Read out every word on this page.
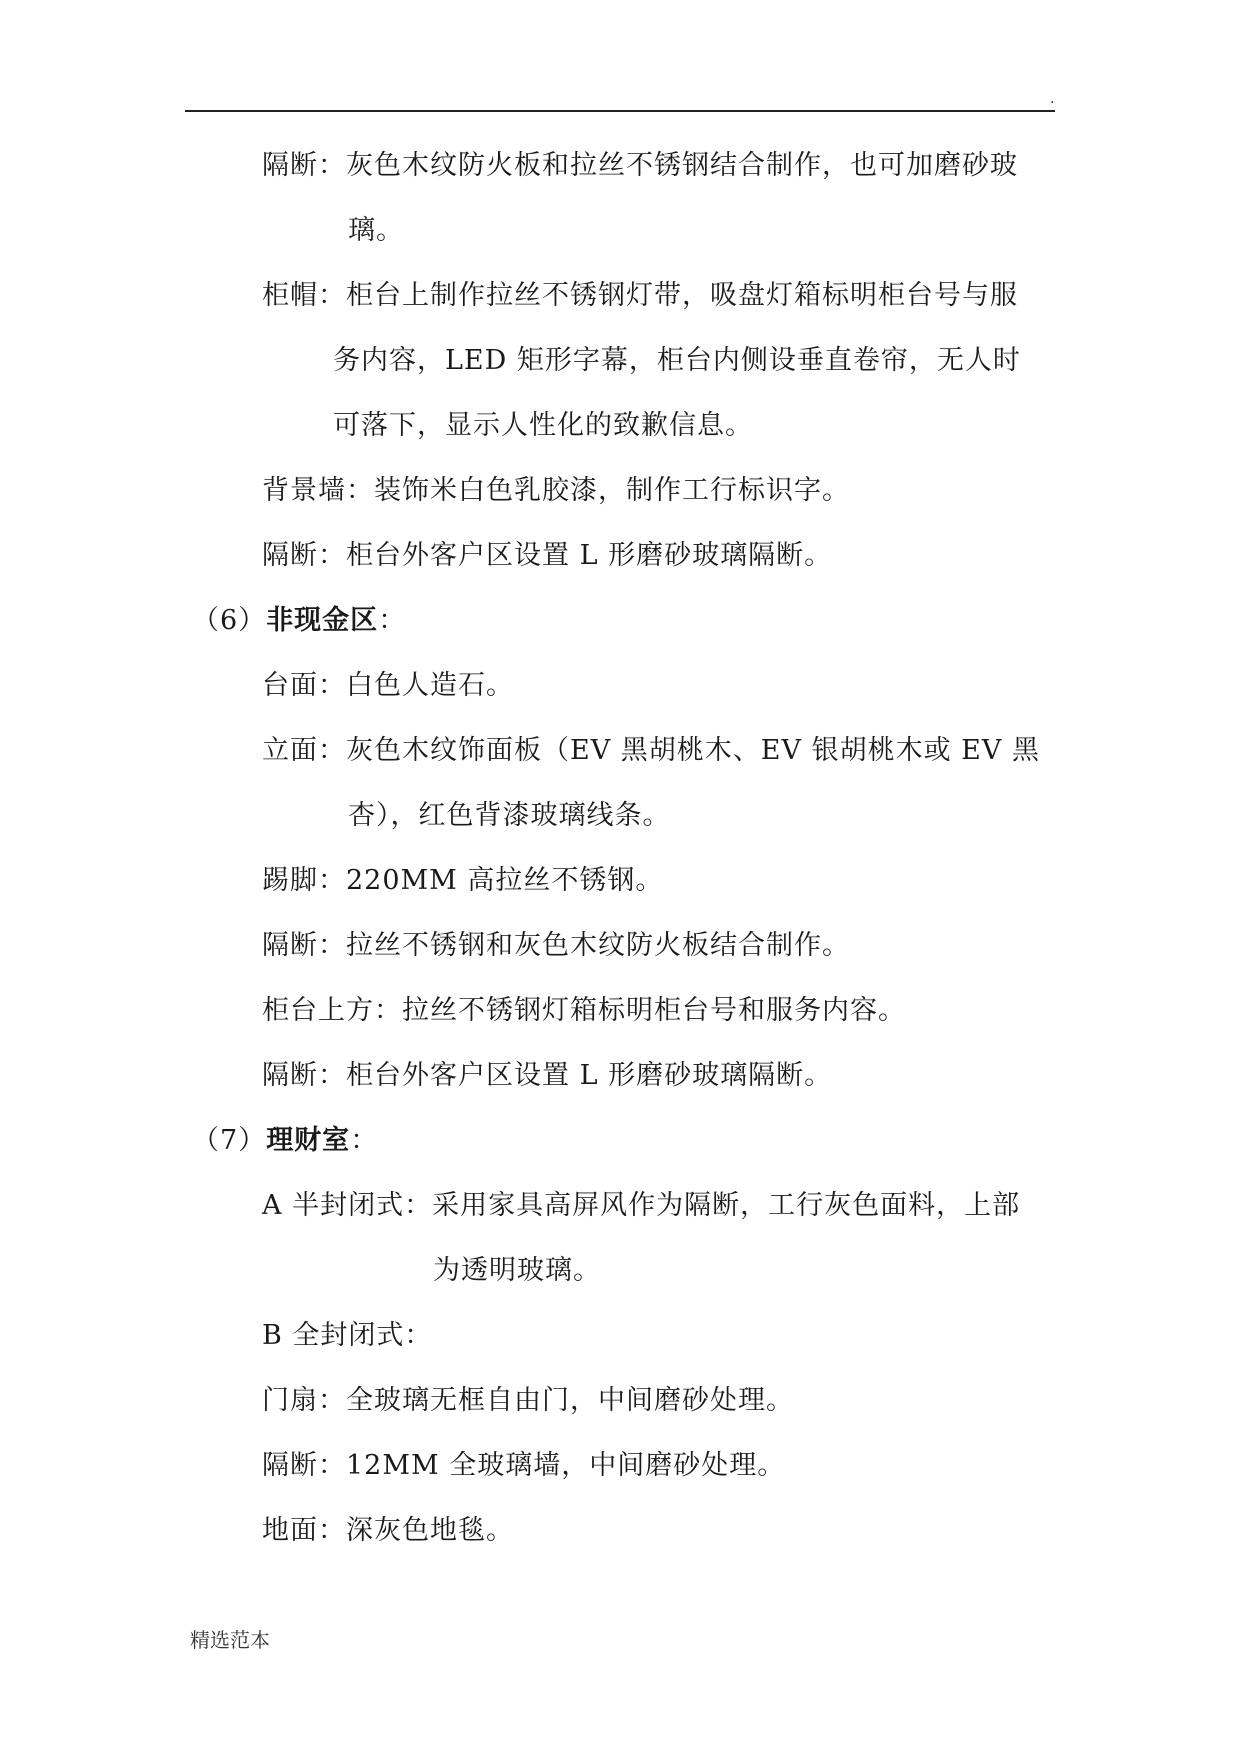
.
隔断：灰色木纹防火板和拉丝不锈钢结合制作，也可加磨砂玻
璃。
柜帽：柜台上制作拉丝不锈钢灯带，吸盘灯箱标明柜台号与服
务内容，LED 矩形字幕，柜台内侧设垂直卷帘，无人时
可落下，显示人性化的致歉信息。
背景墙：装饰米白色乳胶漆，制作工行标识字。
隔断：柜台外客户区设置 L 形磨砂玻璃隔断。
（6）非现金区：
台面：白色人造石。
立面：灰色木纹饰面板（EV 黑胡桃木、EV 银胡桃木或 EV 黑
杏），红色背漆玻璃线条。
踢脚：220MM 高拉丝不锈钢。
隔断：拉丝不锈钢和灰色木纹防火板结合制作。
柜台上方：拉丝不锈钢灯箱标明柜台号和服务内容。
隔断：柜台外客户区设置 L 形磨砂玻璃隔断。
（7）理财室：
A 半封闭式：采用家具高屏风作为隔断，工行灰色面料，上部
为透明玻璃。
B 全封闭式：
门扇：全玻璃无框自由门，中间磨砂处理。
隔断：12MM 全玻璃墙，中间磨砂处理。
地面：深灰色地毯。
精选范本
